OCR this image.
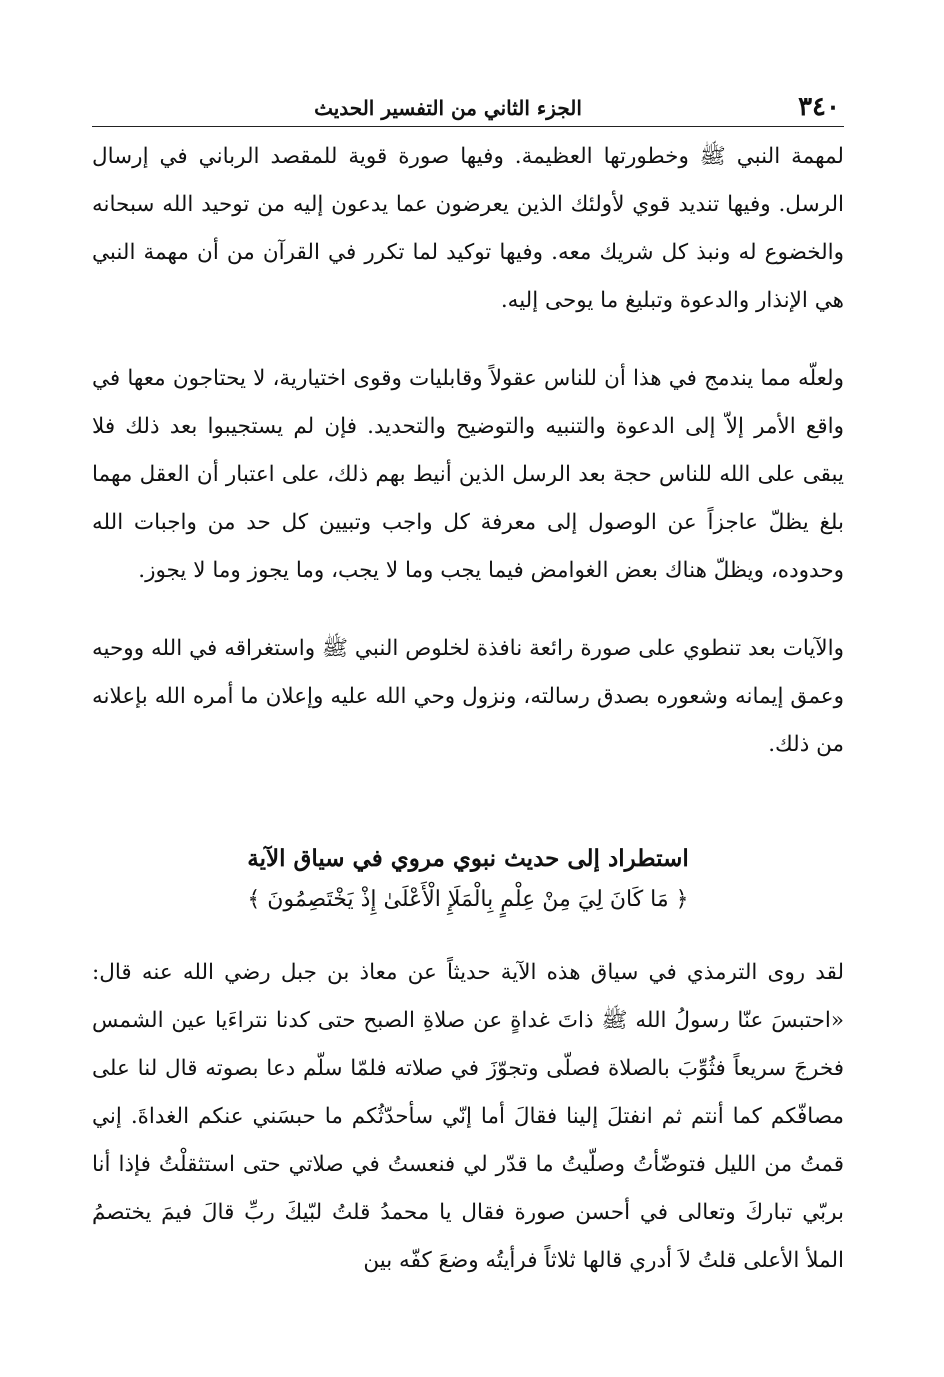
٣٤٠
الجزء الثاني من التفسير الحديث

لمهمة النبي ﷺ وخطورتها العظيمة. وفيها صورة قوية للمقصد الرباني في إرسال الرسل. وفيها تنديد قوي لأولئك الذين يعرضون عما يدعون إليه من توحيد الله سبحانه والخضوع له ونبذ كل شريك معه. وفيها توكيد لما تكرر في القرآن من أن مهمة النبي هي الإنذار والدعوة وتبليغ ما يوحى إليه.

ولعلّه مما يندمج في هذا أن للناس عقولاً وقابليات وقوى اختيارية، لا يحتاجون معها في واقع الأمر إلاّ إلى الدعوة والتنبيه والتوضيح والتحديد. فإن لم يستجيبوا بعد ذلك فلا يبقى على الله للناس حجة بعد الرسل الذين أنيط بهم ذلك، على اعتبار أن العقل مهما بلغ يظلّ عاجزاً عن الوصول إلى معرفة كل واجب وتبيين كل حد من واجبات الله وحدوده، ويظلّ هناك بعض الغوامض فيما يجب وما لا يجب، وما يجوز وما لا يجوز.

والآيات بعد تنطوي على صورة رائعة نافذة لخلوص النبي ﷺ واستغراقه في الله ووحيه وعمق إيمانه وشعوره بصدق رسالته، ونزول وحي الله عليه وإعلان ما أمره الله بإعلانه من ذلك.

استطراد إلى حديث نبوي مروي في سياق الآية
﴿ مَا كَانَ لِيَ مِنْ عِلْمٍ بِالْمَلَإِ الْأَعْلَىٰ إِذْ يَخْتَصِمُونَ ﴾

لقد روى الترمذي في سياق هذه الآية حديثاً عن معاذ بن جبل رضي الله عنه قال: «احتبسَ عنّا رسولُ الله ﷺ ذاتَ غداةٍ عن صلاةِ الصبح حتى كدنا نتراءَيا عين الشمس فخرجَ سريعاً فثُوِّبَ بالصلاة فصلّى وتجوّزَ في صلاته فلمّا سلّم دعا بصوته قال لنا على مصافّكم كما أنتم ثم انفتلَ إلينا فقالَ أما إنّي سأحدّثُكم ما حبسَني عنكم الغداةَ. إني قمتُ من الليل فتوضّأتُ وصلّيتُ ما قدّر لي فنعستُ في صلاتي حتى استثقلْتُ فإذا أنا بربّي تباركَ وتعالى في أحسن صورة فقال يا محمدُ قلتُ لبّيكَ ربِّ قالَ فيمَ يختصمُ الملأ الأعلى قلتُ لاَ أدري قالها ثلاثاً فرأيتُه وضعَ كفّه بين
